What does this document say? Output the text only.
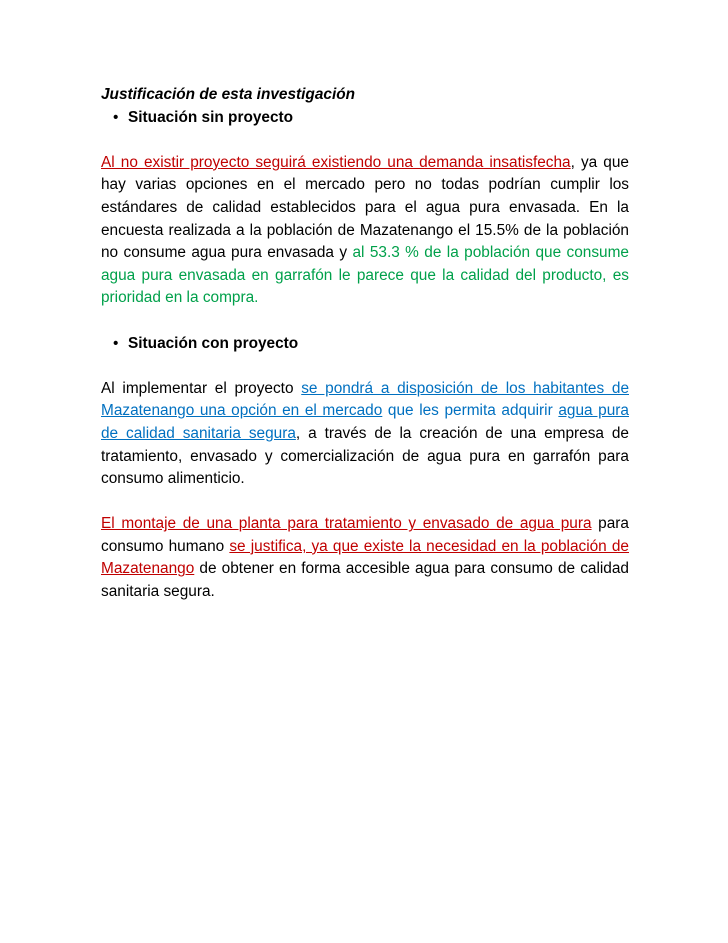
Justificación de esta investigación

• Situación sin proyecto

Al no existir proyecto seguirá existiendo una demanda insatisfecha, ya que hay varias opciones en el mercado pero no todas podrían cumplir los estándares de calidad establecidos para el agua pura envasada. En la encuesta realizada a la población de Mazatenango el 15.5% de la población no consume agua pura envasada y al 53.3 % de la población que consume agua pura envasada en garrafón le parece que la calidad del producto, es prioridad en la compra.

• Situación con proyecto

Al implementar el proyecto se pondrá a disposición de los habitantes de Mazatenango una opción en el mercado que les permita adquirir agua pura de calidad sanitaria segura, a través de la creación de una empresa de tratamiento, envasado y comercialización de agua pura en garrafón para consumo alimenticio.

El montaje de una planta para tratamiento y envasado de agua pura para consumo humano se justifica, ya que existe la necesidad en la población de Mazatenango de obtener en forma accesible agua para consumo de calidad sanitaria segura.
